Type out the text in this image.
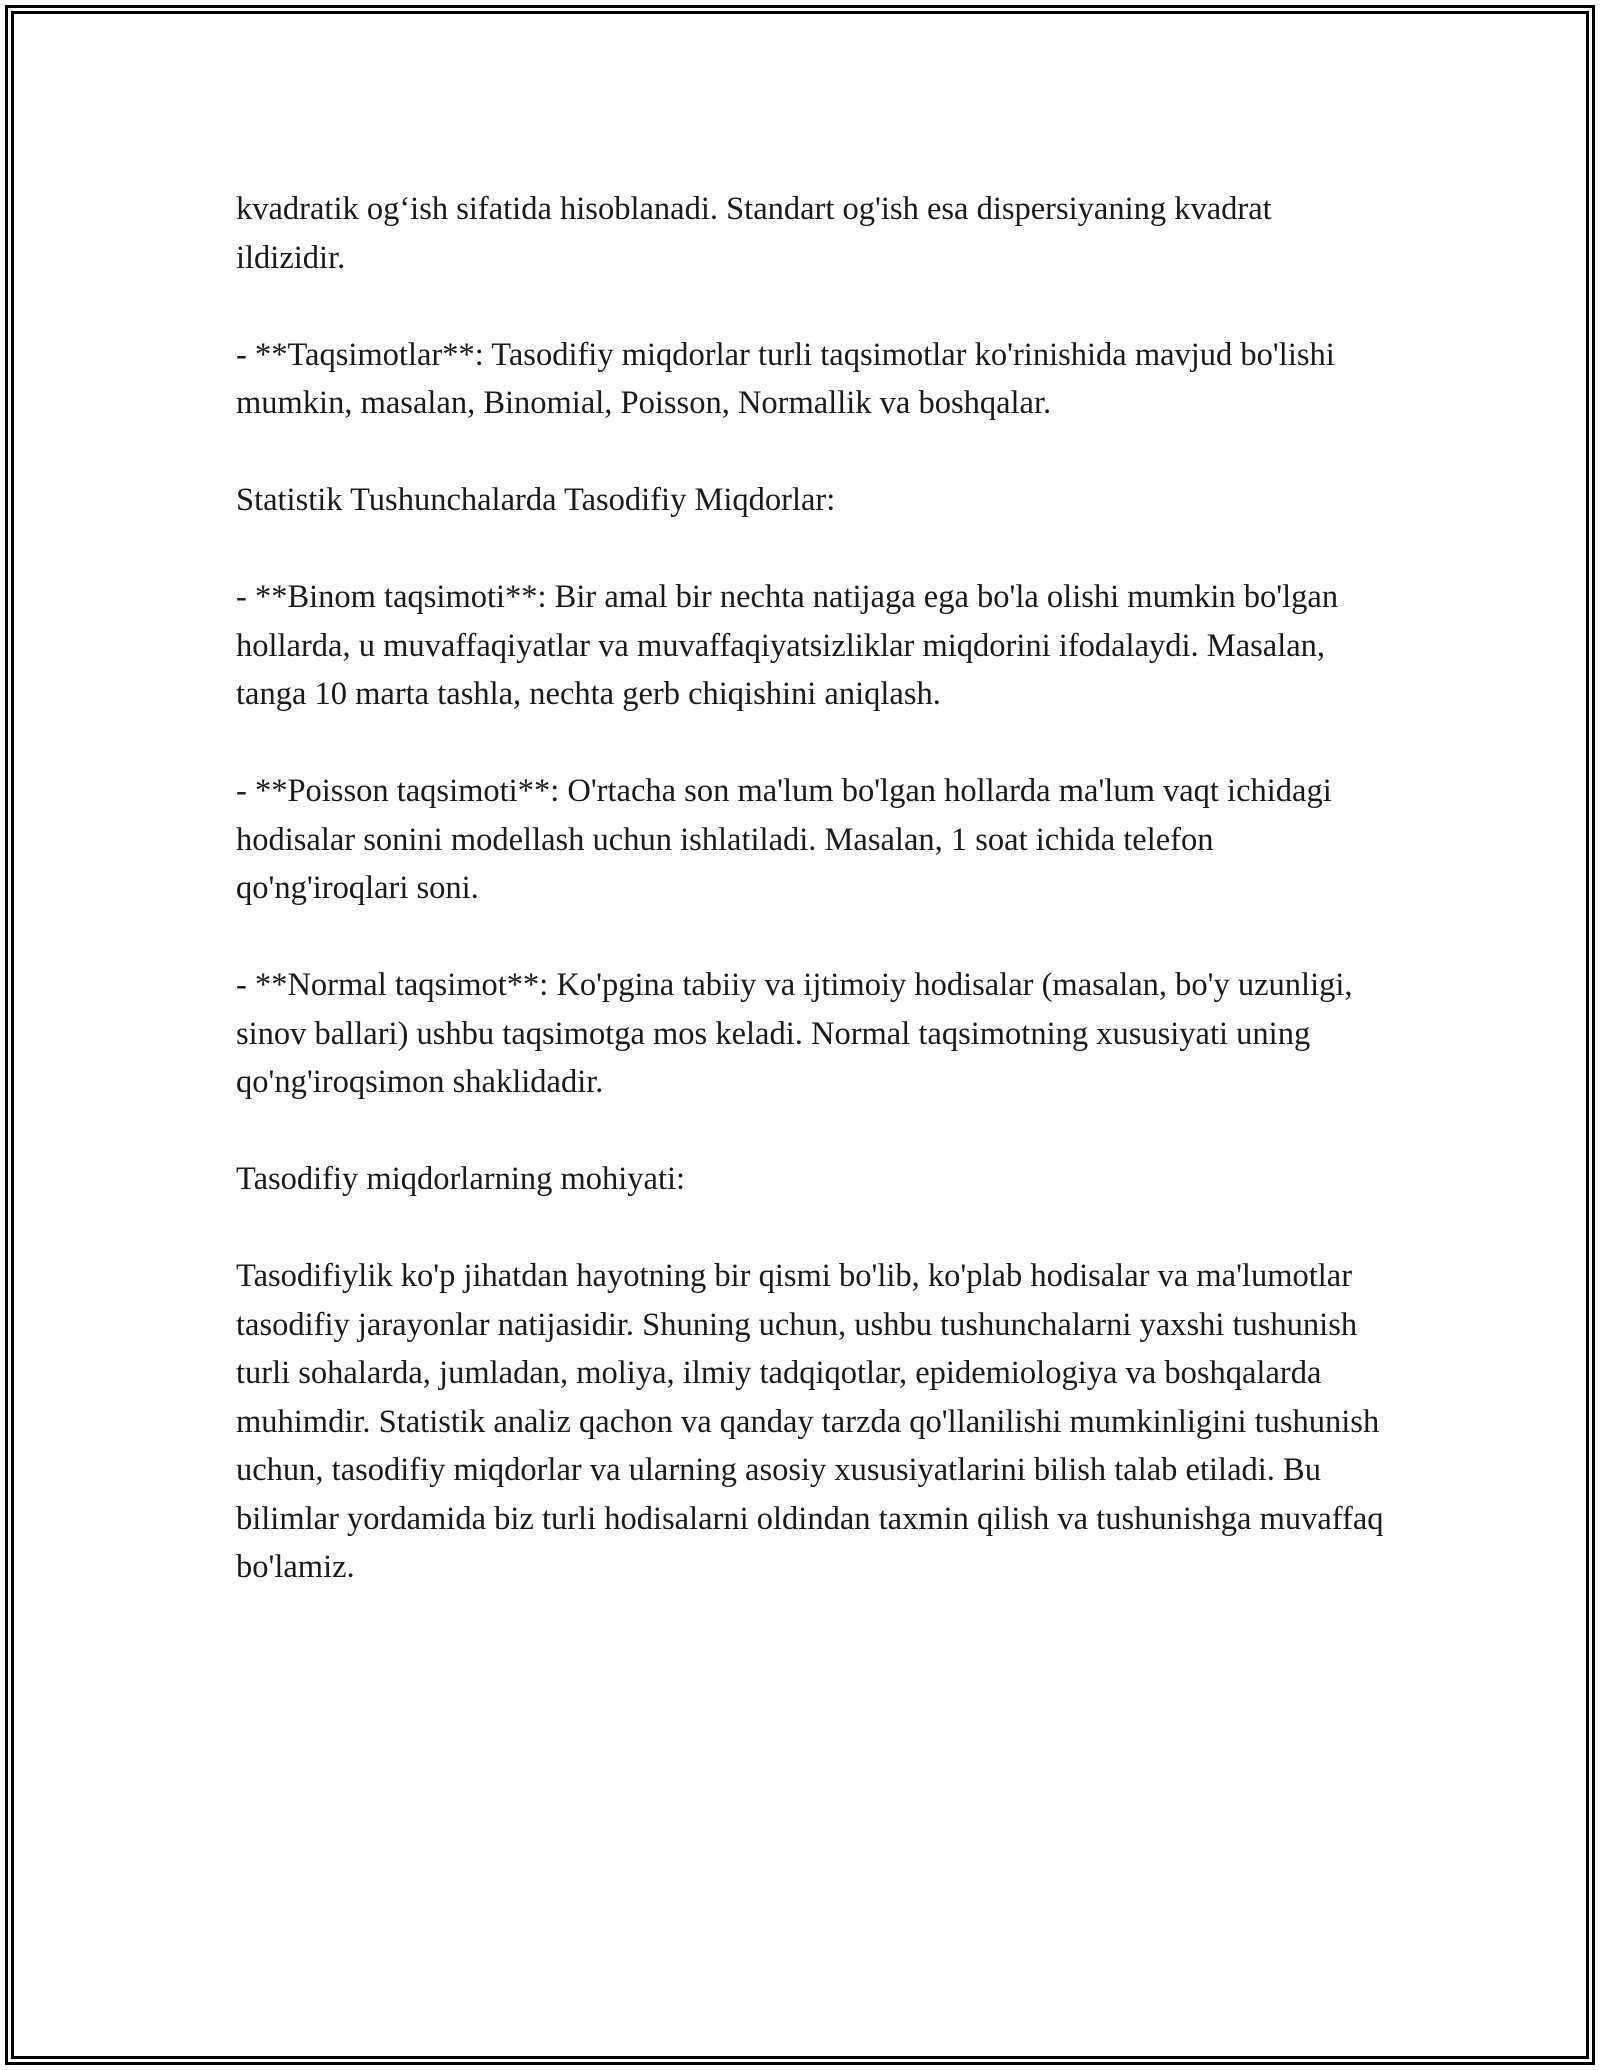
kvadratik og‘ish sifatida hisoblanadi. Standart og'ish esa dispersiyaning kvadrat ildizidir.

- **Taqsimotlar**: Tasodifiy miqdorlar turli taqsimotlar ko'rinishida mavjud bo'lishi mumkin, masalan, Binomial, Poisson, Normallik va boshqalar.

Statistik Tushunchalarda Tasodifiy Miqdorlar:

- **Binom taqsimoti**: Bir amal bir nechta natijaga ega bo'la olishi mumkin bo'lgan hollarda, u muvaffaqiyatlar va muvaffaqiyatsizliklar miqdorini ifodalaydi. Masalan, tanga 10 marta tashla, nechta gerb chiqishini aniqlash.

- **Poisson taqsimoti**: O'rtacha son ma'lum bo'lgan hollarda ma'lum vaqt ichidagi hodisalar sonini modellash uchun ishlatiladi. Masalan, 1 soat ichida telefon qo'ng'iroqlari soni.

- **Normal taqsimot**: Ko'pgina tabiiy va ijtimoiy hodisalar (masalan, bo'y uzunligi, sinov ballari) ushbu taqsimotga mos keladi. Normal taqsimotning xususiyati uning qo'ng'iroqsimon shaklidadir.

Tasodifiy miqdorlarning mohiyati:

Tasodifiylik ko'p jihatdan hayotning bir qismi bo'lib, ko'plab hodisalar va ma'lumotlar tasodifiy jarayonlar natijasidir. Shuning uchun, ushbu tushunchalarni yaxshi tushunish turli sohalarda, jumladan, moliya, ilmiy tadqiqotlar, epidemiologiya va boshqalarda muhimdir. Statistik analiz qachon va qanday tarzda qo'llanilishi mumkinligini tushunish uchun, tasodifiy miqdorlar va ularning asosiy xususiyatlarini bilish talab etiladi. Bu bilimlar yordamida biz turli hodisalarni oldindan taxmin qilish va tushunishga muvaffaq bo'lamiz.
